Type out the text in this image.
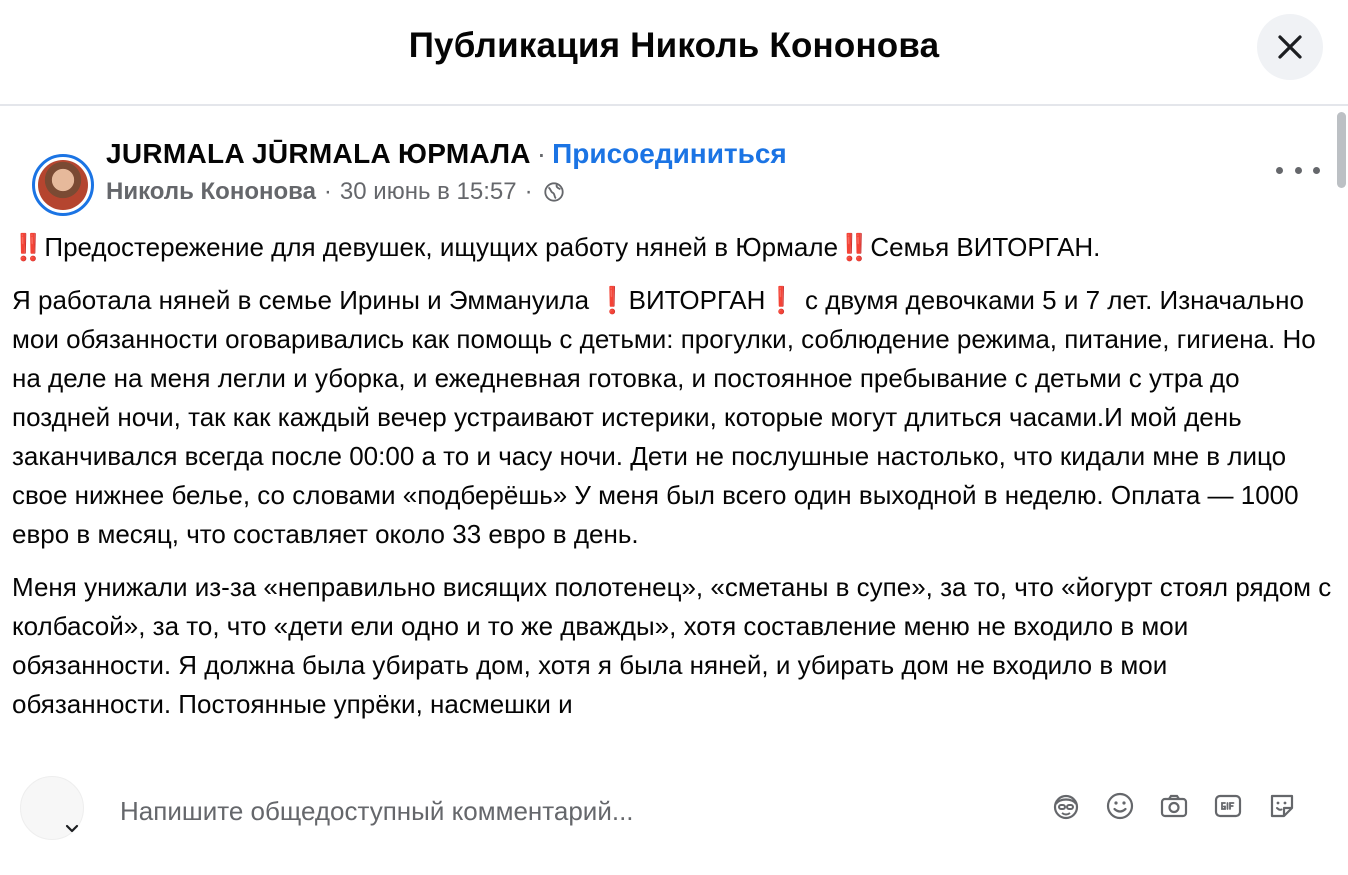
Публикация Николь Кононова
JURMALA JŪRMALA ЮРМАЛА · Присоединиться
Николь Кононова · 30 июнь в 15:57 ·

‼️Предостережение для девушек, ищущих работу няней в Юрмале‼️Семья ВИТОРГАН.

Я работала няней в семье Ирины и Эммануила ❗️ВИТОРГАН❗️ с двумя девочками 5 и 7 лет. Изначально мои обязанности оговаривались как помощь с детьми: прогулки, соблюдение режима, питание, гигиена. Но на деле на меня легли и уборка, и ежедневная готовка, и постоянное пребывание с детьми с утра до поздней ночи, так как каждый вечер устраивают истерики, которые могут длиться часами.И мой день заканчивался всегда после 00:00 а то и часу ночи. Дети не послушные настолько, что кидали мне в лицо свое нижнее белье, со словами «подберёшь» У меня был всего один выходной в неделю. Оплата — 1000 евро в месяц, что составляет около 33 евро в день.

Меня унижали из-за «неправильно висящих полотенец», «сметаны в супе», за то, что «йогурт стоял рядом с колбасой», за то, что «дети ели одно и то же дважды», хотя составление меню не входило в мои обязанности. Я должна была убирать дом, хотя я была няней, и убирать дом не входило в мои обязанности. Постоянные упрёки, насмешки и

Напишите общедоступный комментарий...
